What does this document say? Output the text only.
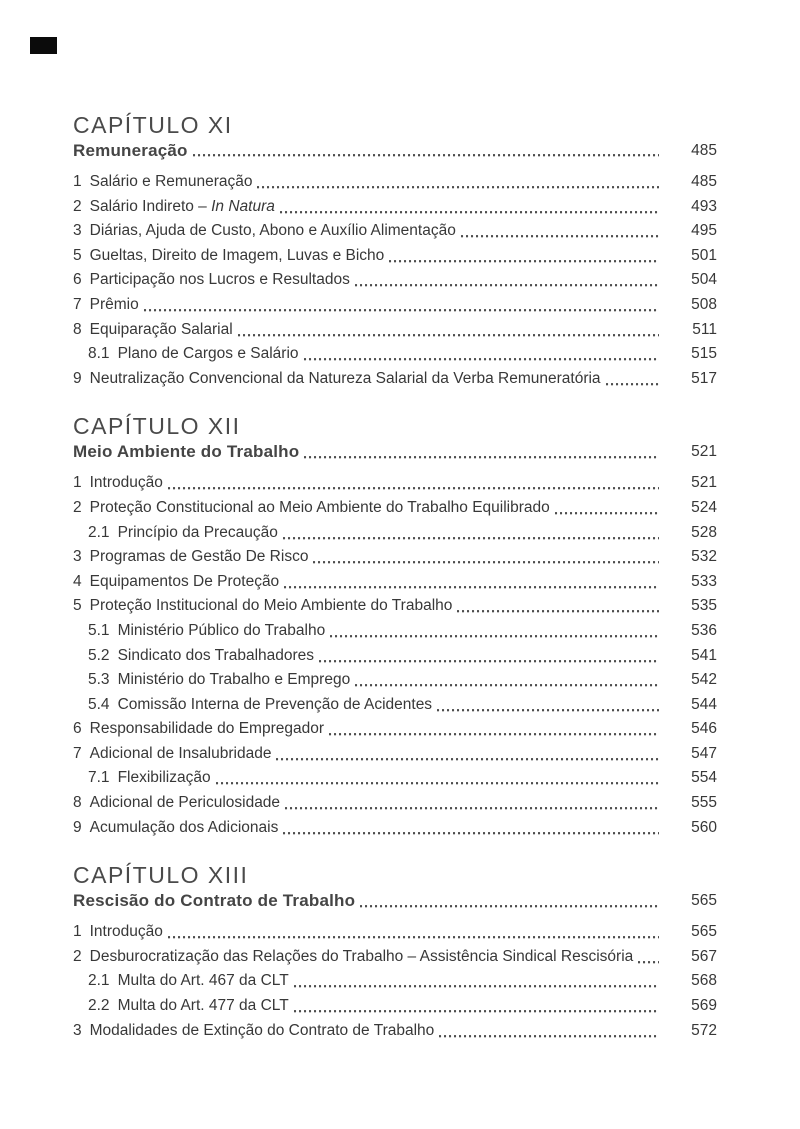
CAPÍTULO XI
Remuneração	485
1 Salário e Remuneração	485
2 Salário Indireto – In Natura	493
3 Diárias, Ajuda de Custo, Abono e Auxílio Alimentação	495
5 Gueltas, Direito de Imagem, Luvas e Bicho	501
6 Participação nos Lucros e Resultados	504
7 Prêmio	508
8 Equiparação Salarial	511
8.1 Plano de Cargos e Salário	515
9 Neutralização Convencional da Natureza Salarial da Verba Remuneratória	517
CAPÍTULO XII
Meio Ambiente do Trabalho	521
1 Introdução	521
2 Proteção Constitucional ao Meio Ambiente do Trabalho Equilibrado	524
2.1 Princípio da Precaução	528
3 Programas de Gestão De Risco	532
4 Equipamentos De Proteção	533
5 Proteção Institucional do Meio Ambiente do Trabalho	535
5.1 Ministério Público do Trabalho	536
5.2 Sindicato dos Trabalhadores	541
5.3 Ministério do Trabalho e Emprego	542
5.4 Comissão Interna de Prevenção de Acidentes	544
6 Responsabilidade do Empregador	546
7 Adicional de Insalubridade	547
7.1 Flexibilização	554
8 Adicional de Periculosidade	555
9 Acumulação dos Adicionais	560
CAPÍTULO XIII
Rescisão do Contrato de Trabalho	565
1 Introdução	565
2 Desburocratização das Relações do Trabalho – Assistência Sindical Rescisória	567
2.1 Multa do Art. 467 da CLT	568
2.2 Multa do Art. 477 da CLT	569
3 Modalidades de Extinção do Contrato de Trabalho	572
